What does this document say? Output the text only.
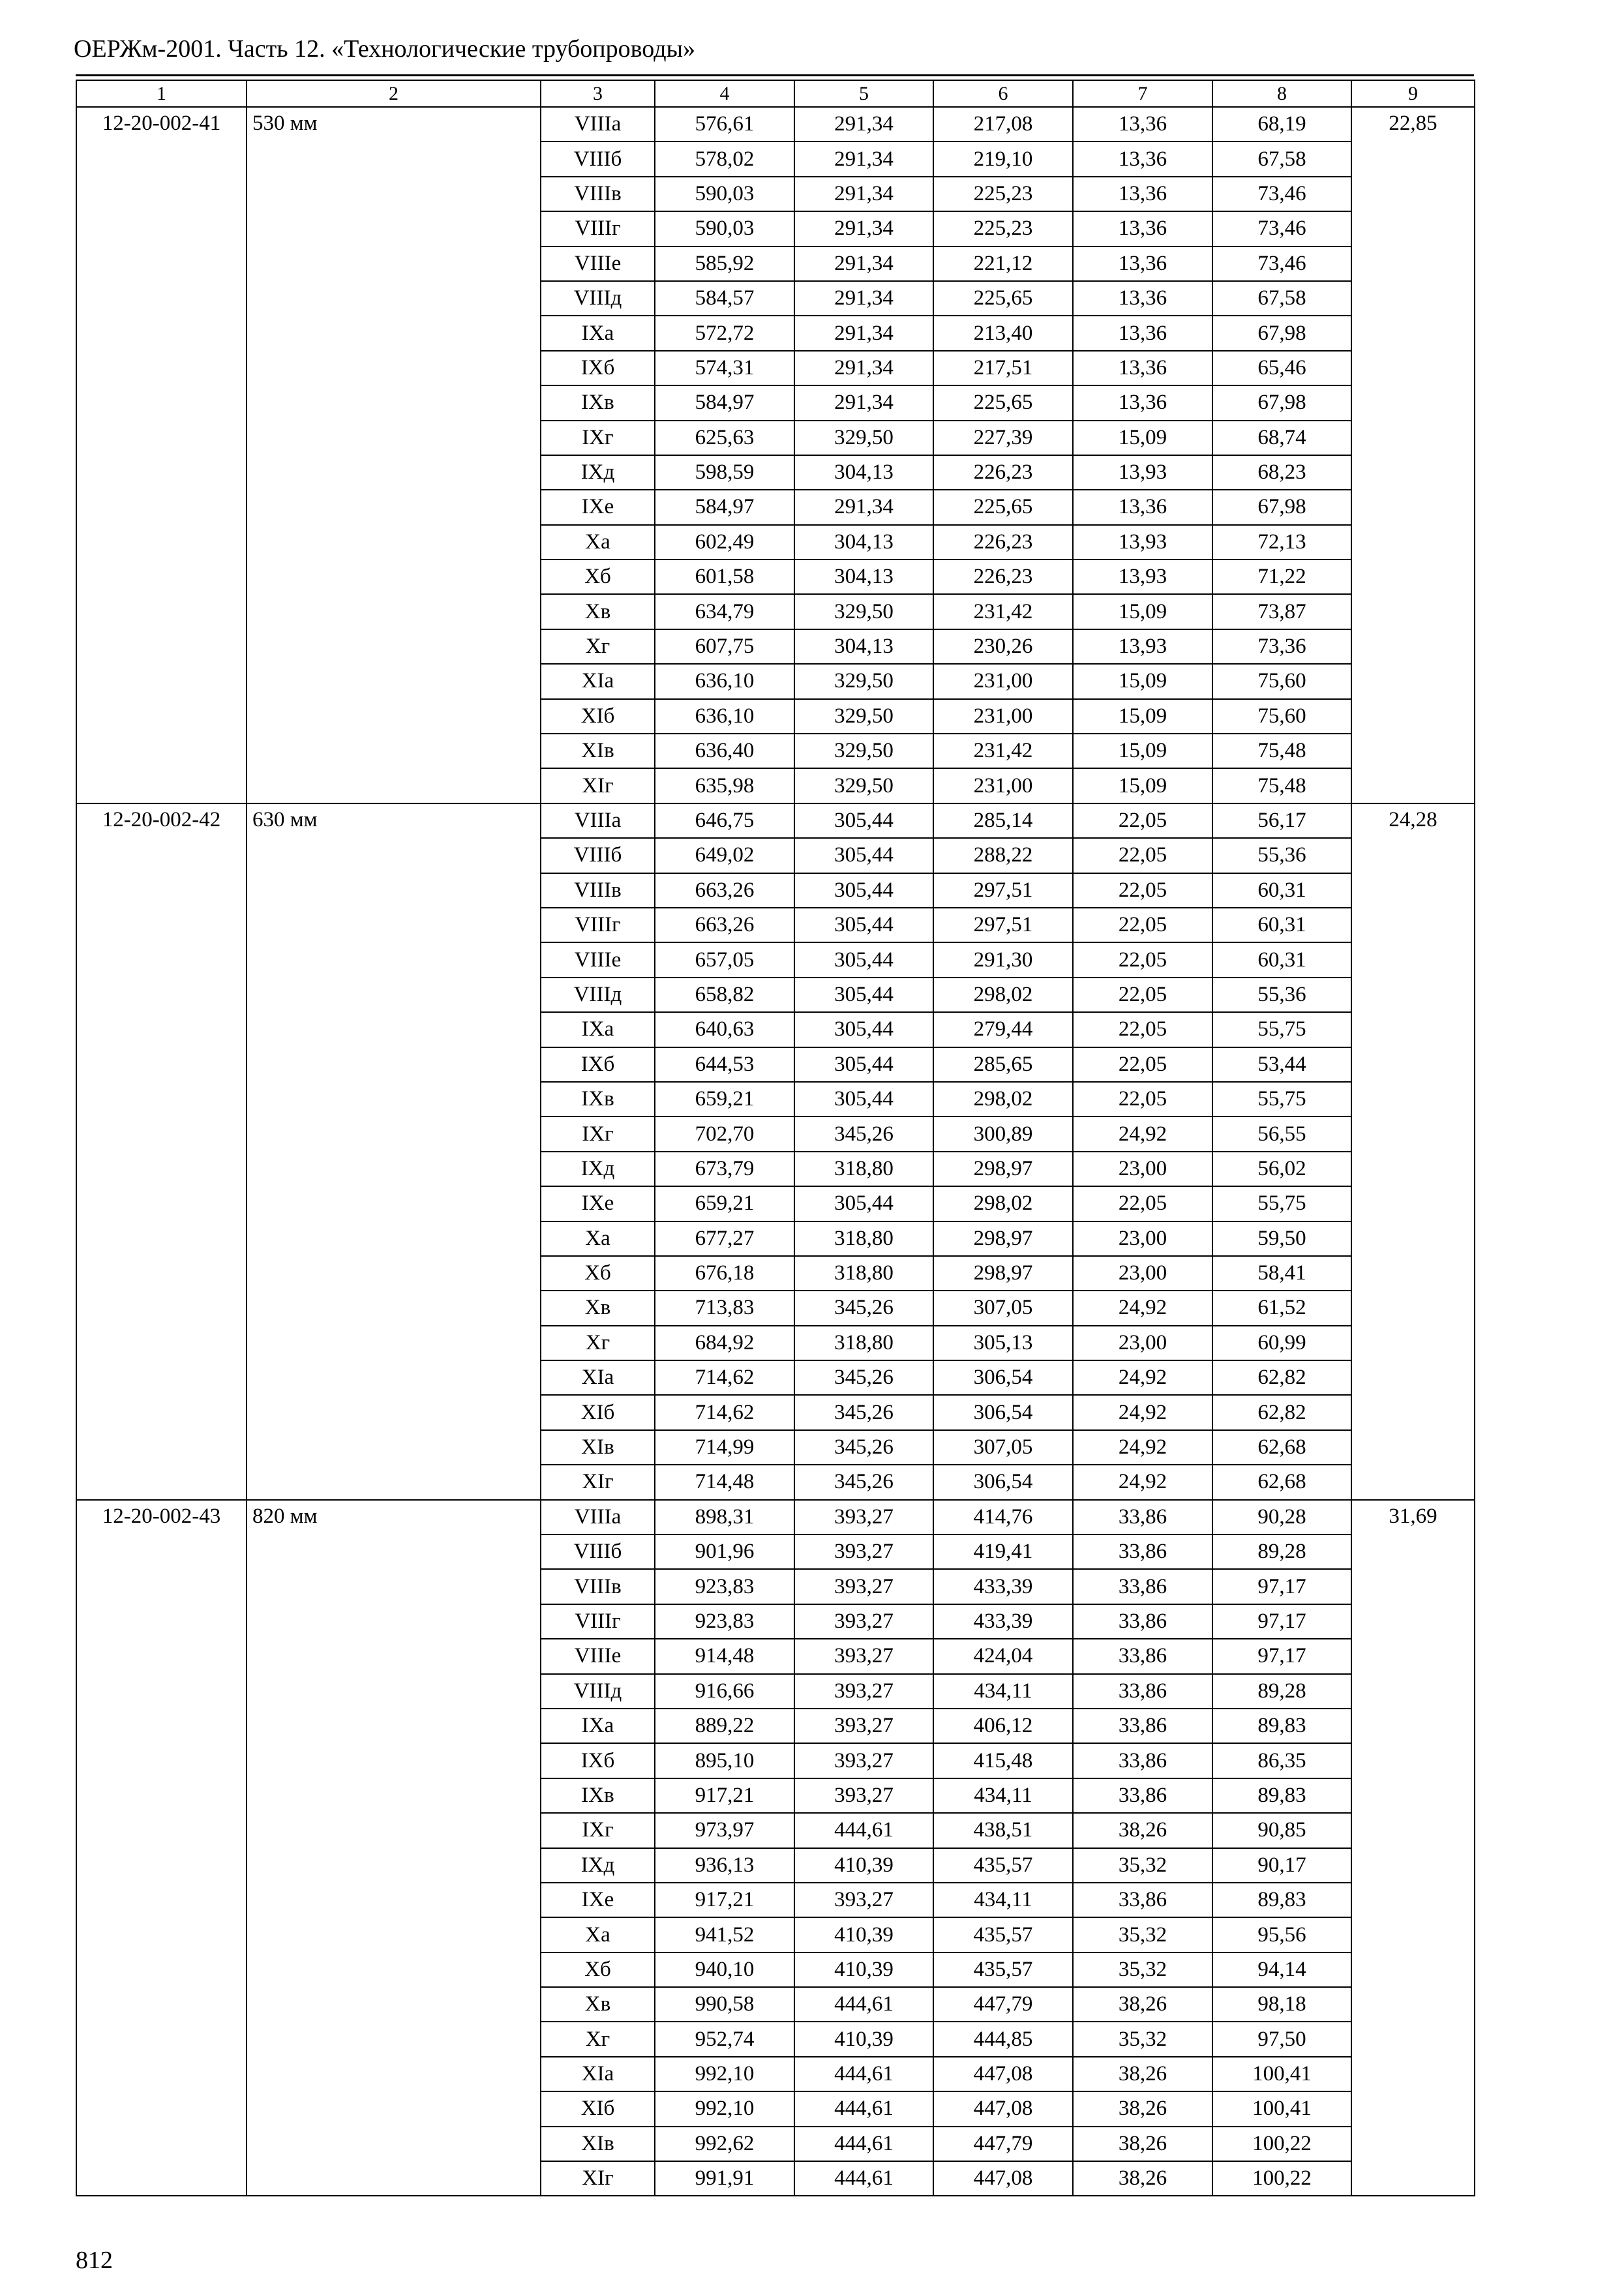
ОЕРЖм-2001. Часть 12. «Технологические трубопроводы»
1	2	3	4	5	6	7	8	9
12-20-002-41	530 мм	VIIIa	576,61	291,34	217,08	13,36	68,19	22,85
		VIIIб	578,02	291,34	219,10	13,36	67,58	
		VIIIв	590,03	291,34	225,23	13,36	73,46	
		VIIIг	590,03	291,34	225,23	13,36	73,46	
		VIIIе	585,92	291,34	221,12	13,36	73,46	
		VIIIд	584,57	291,34	225,65	13,36	67,58	
		IXa	572,72	291,34	213,40	13,36	67,98	
		IXб	574,31	291,34	217,51	13,36	65,46	
		IXв	584,97	291,34	225,65	13,36	67,98	
		IXг	625,63	329,50	227,39	15,09	68,74	
		IXд	598,59	304,13	226,23	13,93	68,23	
		IXе	584,97	291,34	225,65	13,36	67,98	
		Xa	602,49	304,13	226,23	13,93	72,13	
		Xб	601,58	304,13	226,23	13,93	71,22	
		Xв	634,79	329,50	231,42	15,09	73,87	
		Xг	607,75	304,13	230,26	13,93	73,36	
		XIa	636,10	329,50	231,00	15,09	75,60	
		XIб	636,10	329,50	231,00	15,09	75,60	
		XIв	636,40	329,50	231,42	15,09	75,48	
		XIг	635,98	329,50	231,00	15,09	75,48	
12-20-002-42	630 мм	VIIIa	646,75	305,44	285,14	22,05	56,17	24,28
		VIIIб	649,02	305,44	288,22	22,05	55,36	
		VIIIв	663,26	305,44	297,51	22,05	60,31	
		VIIIг	663,26	305,44	297,51	22,05	60,31	
		VIIIе	657,05	305,44	291,30	22,05	60,31	
		VIIIд	658,82	305,44	298,02	22,05	55,36	
		IXa	640,63	305,44	279,44	22,05	55,75	
		IXб	644,53	305,44	285,65	22,05	53,44	
		IXв	659,21	305,44	298,02	22,05	55,75	
		IXг	702,70	345,26	300,89	24,92	56,55	
		IXд	673,79	318,80	298,97	23,00	56,02	
		IXе	659,21	305,44	298,02	22,05	55,75	
		Xa	677,27	318,80	298,97	23,00	59,50	
		Xб	676,18	318,80	298,97	23,00	58,41	
		Xв	713,83	345,26	307,05	24,92	61,52	
		Xг	684,92	318,80	305,13	23,00	60,99	
		XIa	714,62	345,26	306,54	24,92	62,82	
		XIб	714,62	345,26	306,54	24,92	62,82	
		XIв	714,99	345,26	307,05	24,92	62,68	
		XIг	714,48	345,26	306,54	24,92	62,68	
12-20-002-43	820 мм	VIIIa	898,31	393,27	414,76	33,86	90,28	31,69
		VIIIб	901,96	393,27	419,41	33,86	89,28	
		VIIIв	923,83	393,27	433,39	33,86	97,17	
		VIIIг	923,83	393,27	433,39	33,86	97,17	
		VIIIе	914,48	393,27	424,04	33,86	97,17	
		VIIIд	916,66	393,27	434,11	33,86	89,28	
		IXa	889,22	393,27	406,12	33,86	89,83	
		IXб	895,10	393,27	415,48	33,86	86,35	
		IXв	917,21	393,27	434,11	33,86	89,83	
		IXг	973,97	444,61	438,51	38,26	90,85	
		IXд	936,13	410,39	435,57	35,32	90,17	
		IXе	917,21	393,27	434,11	33,86	89,83	
		Xa	941,52	410,39	435,57	35,32	95,56	
		Xб	940,10	410,39	435,57	35,32	94,14	
		Xв	990,58	444,61	447,79	38,26	98,18	
		Xг	952,74	410,39	444,85	35,32	97,50	
		XIa	992,10	444,61	447,08	38,26	100,41	
		XIб	992,10	444,61	447,08	38,26	100,41	
		XIв	992,62	444,61	447,79	38,26	100,22	
		XIг	991,91	444,61	447,08	38,26	100,22	
812
